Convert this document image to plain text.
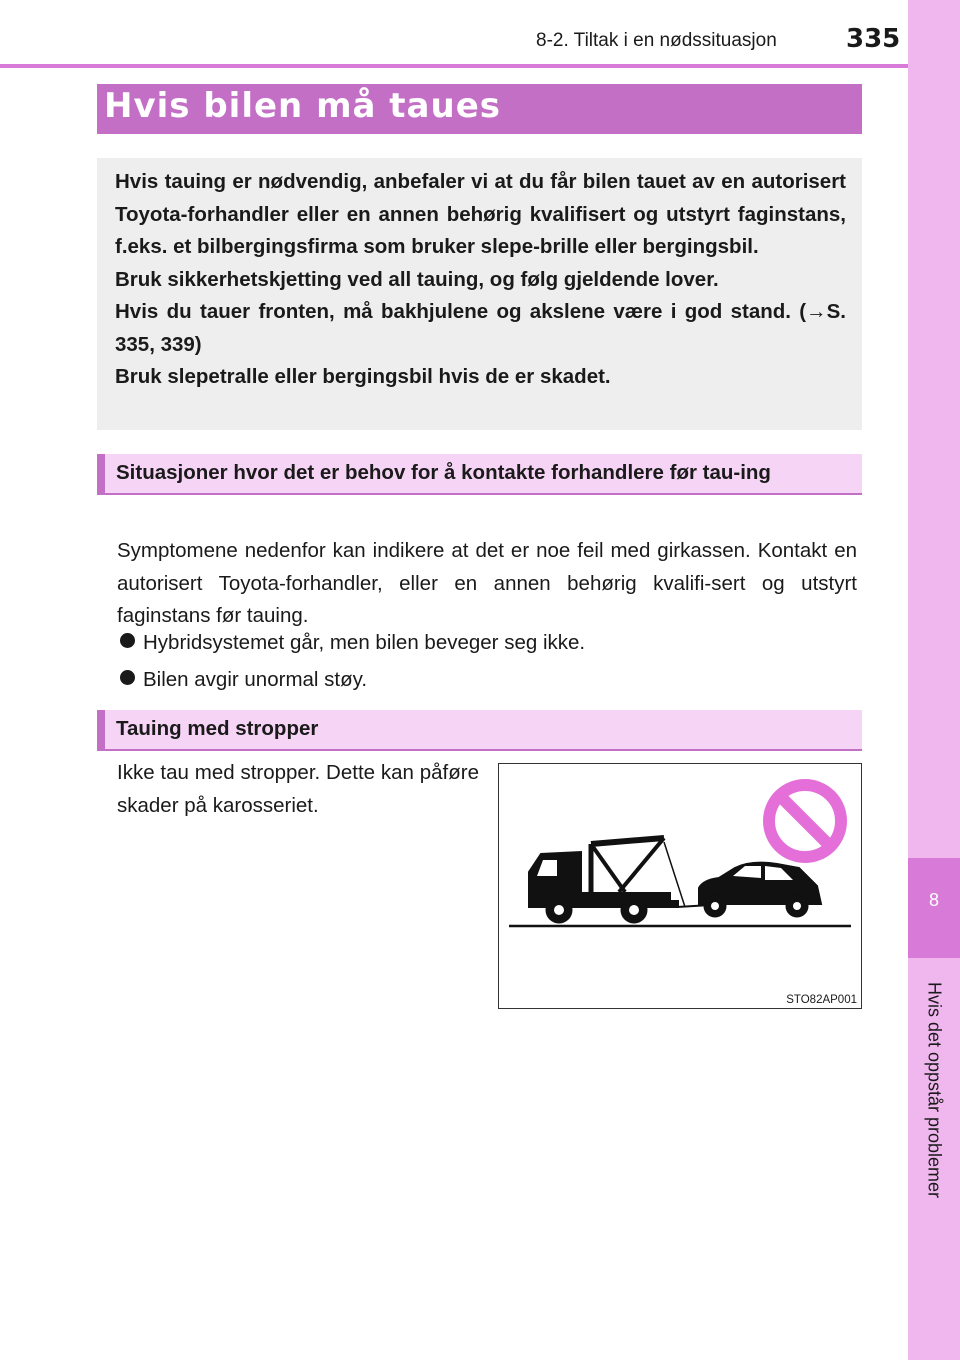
8
Hvis det oppstår problemer
8-2. Tiltak i en nødssituasjon	335
Hvis bilen må taues

Hvis tauing er nødvendig, anbefaler vi at du får bilen tauet av en autorisert Toyota-forhandler eller en annen behørig kvalifisert og utstyrt faginstans, f.eks. et bilbergingsfirma som bruker slepe-brille eller bergingsbil.

Bruk sikkerhetskjetting ved all tauing, og følg gjeldende lover.

Hvis du tauer fronten, må bakhjulene og akslene være i god stand. (→S. 335, 339)

Bruk slepetralle eller bergingsbil hvis de er skadet.

Situasjoner hvor det er behov for å kontakte forhandlere før tau-ing

Symptomene nedenfor kan indikere at det er noe feil med girkassen. Kontakt en autorisert Toyota-forhandler, eller en annen behørig kvalifi-sert og utstyrt faginstans før tauing.

Hybridsystemet går, men bilen beveger seg ikke.
Bilen avgir unormal støy.
Tauing med stropper

Ikke tau med stropper. Dette kan påføre skader på karosseriet.

STO82AP001
